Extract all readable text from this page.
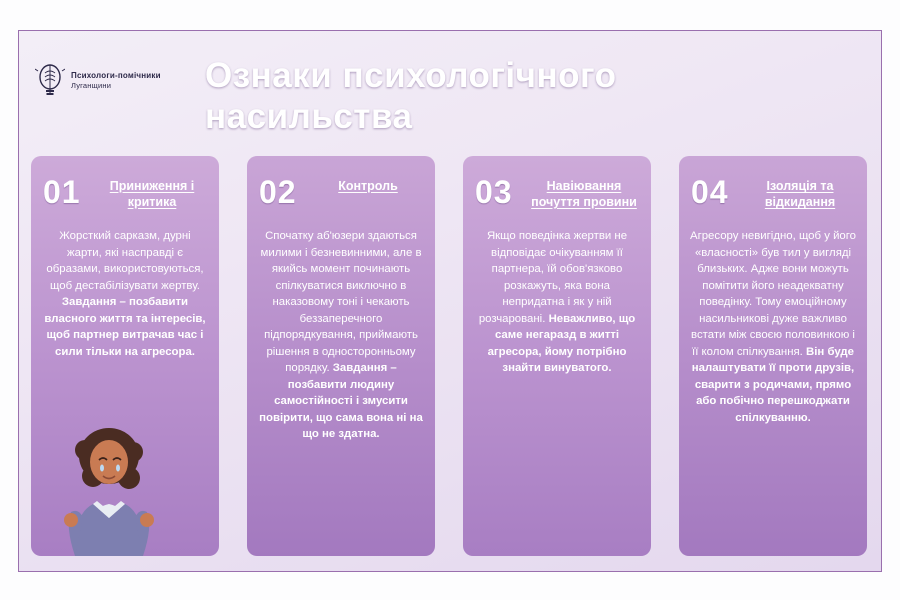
Психологи-помічники
Луганщини	Ознаки психологічного насильства
01	Приниження і критика
Жорсткий сарказм, дурні жарти, які насправді є образами, використовуються, щоб дестабілізувати жертву. Завдання – позбавити власного життя та інтересів, щоб партнер витрачав час і сили тільки на агресора.
02	Контроль
Спочатку аб'юзери здаються милими і безневинними, але в якийсь момент починають спілкуватися виключно в наказовому тоні і чекають беззаперечного підпорядкування, приймають рішення в односторонньому порядку. Завдання – позбавити людину самостійності і змусити повірити, що сама вона ні на що не здатна.
03	Навіювання почуття провини
Якщо поведінка жертви не відповідає очікуванням її партнера, їй обов'язково розкажуть, яка вона непридатна і як у ній розчаровані. Неважливо, що саме негаразд в житті агресора, йому потрібно знайти винуватого.
04	Ізоляція та відкидання
Агресору невигідно, щоб у його «власності» був тил у вигляді близьких. Адже вони можуть помітити його неадекватну поведінку. Тому емоційному насильникові дуже важливо встати між своєю половинкою і її колом спілкування. Він буде налаштувати її проти друзів, сварити з родичами, прямо або побічно перешкоджати спілкуванню.
